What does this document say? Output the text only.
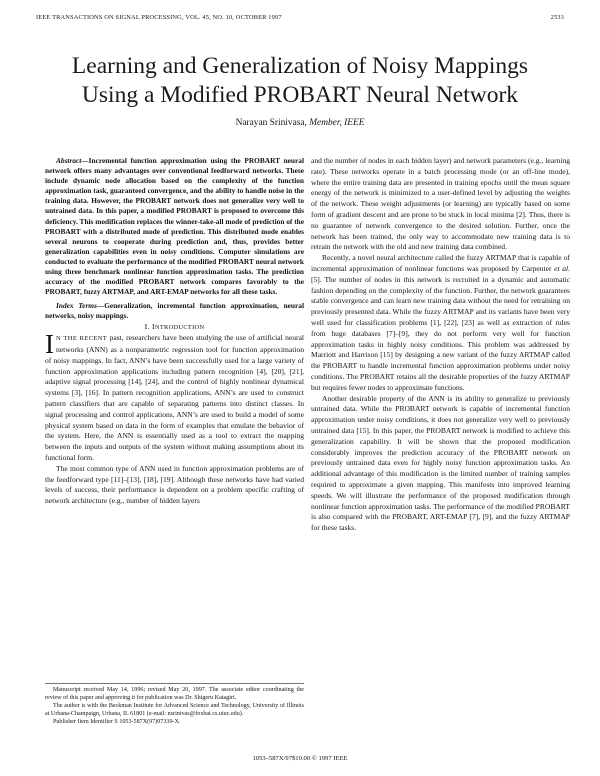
IEEE TRANSACTIONS ON SIGNAL PROCESSING, VOL. 45, NO. 10, OCTOBER 1997	2533
Learning and Generalization of Noisy Mappings
Using a Modified PROBART Neural Network
Narayan Srinivasa, Member, IEEE

Abstract—Incremental function approximation using the PROBART neural network offers many advantages over conventional feedforward networks. These include dynamic node allocation based on the complexity of the function approximation task, guaranteed convergence, and the ability to handle noise in the training data. However, the PROBART network does not generalize very well to untrained data. In this paper, a modified PROBART is proposed to overcome this deficiency. This modification replaces the winner-take-all mode of prediction of the PROBART with a distributed mode of prediction. This distributed mode enables several neurons to cooperate during prediction and, thus, provides better generalization capabilities even in noisy conditions. Computer simulations are conducted to evaluate the performance of the modified PROBART neural network using three benchmark nonlinear function approximation tasks. The prediction accuracy of the modified PROBART network compares favorably to the PROBART, fuzzy ARTMAP, and ART-EMAP networks for all these tasks.

Index Terms—Generalization, incremental function approximation, neural networks, noisy mappings.

I. INTRODUCTION

I N THE RECENT past, researchers have been studying the use of artificial neural networks (ANN) as a nonparametric regression tool for function approximation of noisy mappings. In fact, ANN’s have been successfully used for a large variety of function approximation applications including pattern recognition [4], [20], [21], adaptive signal processing [14], [24], and the control of highly nonlinear dynamical systems [3], [16]. In pattern recognition applications, ANN’s are used to construct pattern classifiers that are capable of separating patterns into distinct classes. In signal processing and control applications, ANN’s are used to build a model of some physical system based on data in the form of examples that emulate the behavior of the system. Here, the ANN is essentially used as a tool to extract the mapping between the inputs and outputs of the system without making assumptions about its functional form.

The most common type of ANN used in function approximation problems are of the feedforward type [11]–[13], [18], [19]. Although these networks have had varied levels of success, their performance is dependent on a problem specific crafting of network architecture (e.g., number of hidden layers

and the number of nodes in each hidden layer) and network parameters (e.g., learning rate). These networks operate in a batch processing mode (or an off-line mode), where the entire training data are presented in training epochs until the mean square energy of the network is minimized to a user-defined level by adjusting the weights of the network. These weight adjustments (or learning) are typically based on some form of gradient descent and are prone to be stuck in local minima [2]. Thus, there is no guarantee of network convergence to the desired solution. Further, once the network has been trained, the only way to accommodate new training data is to retrain the network with the old and new training data combined.

Recently, a novel neural architecture called the fuzzy ARTMAP that is capable of incremental approximation of nonlinear functions was proposed by Carpenter et al. [5]. The number of nodes in this network is recruited in a dynamic and automatic fashion depending on the complexity of the function. Further, the network guarantees stable convergence and can learn new training data without the need for retraining on previously presented data. While the fuzzy ARTMAP and its variants have been very well used for classification problems [1], [22], [23] as well as extraction of rules from huge databases [7]–[9], they do not perform very well for function approximation tasks in highly noisy conditions. This problem was addressed by Marriott and Harrison [15] by designing a new variant of the fuzzy ARTMAP called the PROBART to handle incremental function approximation problems under noisy conditions. The PROBART retains all the desirable properties of the fuzzy ARTMAP but requires fewer nodes to approximate functions.

Another desirable property of the ANN is its ability to generalize to previously untrained data. While the PROBART network is capable of incremental function approximation under noisy conditions, it does not generalize very well to previously untrained data [15]. In this paper, the PROBART network is modified to achieve this generalization capability. It will be shown that the proposed modification considerably improves the prediction accuracy of the PROBART network on previously untrained data even for highly noisy function approximation tasks. An additional advantage of this modification is the limited number of training samples required to approximate a given mapping. This manifests into improved learning speeds. We will illustrate the performance of the proposed modification through nonlinear function approximation tasks. The performance of the modified PROBART is also compared with the PROBART, ART-EMAP [7], [9], and the fuzzy ARTMAP for these tasks.

Manuscript received May 14, 1996; revised May 20, 1997. The associate editor coordinating the review of this paper and approving it for publication was Dr. Shigeru Katagiri.

The author is with the Beckman Institute for Advanced Science and Technology, University of Illinois at Urbana-Champaign, Urbana, IL 61801 (e-mail: nsrinivas@foxbat.cs.uiuc.edu).

Publisher Item Identifier S 1053-587X(97)07339-X.

1053–587X/97$10.00 © 1997 IEEE
